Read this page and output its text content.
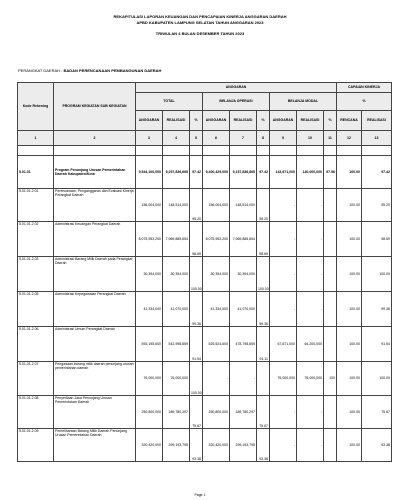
REKAPITULASI LAPORAN KEUANGAN DAN PENCAPAIAN KINERJA ANGGARAN DAERAH
APBD KABUPATEN LAMPUNG SELATAN TAHUN ANGGARAN 2023
TRIWULAN 4 BULAN DESEMBER TAHUN 2023
PERANGKAT DAERAH : BADAN PERENCANAAN PEMBANGUNAN DAERAH
Kode Rekening	PROGRAM KEGIATAN SUB KEGIATAN	ANGGARAN									CAPAIAN KINERJA	
		TOTAL			BELANJA OPERASI			BELANJA MODAL			%	
		ANGGARAN	REALISASI	%	ANGGARAN	REALISASI	%	ANGGARAN	REALISASI	%	RENCANA	REALISASI
1	2	3	4	5	6	7	8	9	10	11	12	13

5.01.01	Program Penunjang Urusan Pemerintahan Daerah Kabupaten/Kota	9.544,100,000	9,297,836,665	97.42	9,400,429,000	9,157,836,665	97.42	143,671,000	140,000,000	97.56	100.00	97.42
5.01.01.2.01	Perencanaan, Penganggaran dan Evaluasi Kinerja Perangkat Daerah	156,004,000	148,514,000	95.20	156,004,000	148,514,000	95.20	-	-		100.00	95.20
5.01.01.2.02	Administrasi Keuangan Perangkat Daerah	8,075,953,200	7,969,885,654	98.69	8,075,953,200	7,969,885,654	98.69	-	-		100.00	98.69
5.01.01.2.03	Administrasi Barang Milik Daerah pada Perangkat Daerah	30,394,000	30,394,000	100.00	30,394,000	30,394,000	100.00	-	-		100.00	100.00
5.01.01.2.05	Administrasi Kepegawaian Perangkat Daerah	41,334,000	41,070,000	99.36	41,334,000	41,070,000	99.36	-	-		100.00	99.36
5.01.01.2.06	Administrasi Umum Perangkat Daerah	593,195,600	542,998,859	91.54	525,524,600	478,798,859	91.11	67,671,000	64,200,000		100.00	91.54
5.01.01.2.07	Pengadaan barang milik daerah penunjang urusan pemerintahan daerah	76,000,000	76,000,000	100.00	-	-		76,000,000	76,000,000	100	100.00	100.00
5.01.01.2.08	Penyediaan Jasa Penunjang Urusan Pemerintahan Daerah	250,800,000	189,780,297	75.67	250,800,000	189,780,297	75.67	-	-		100.00	75.67
5.01.01.2.09	Pemeliharaan Barang Milik Daerah Penunjang Urusan Pemerintahan Daerah	320,420,000	299,193,795	93.38	320,420,000	299,193,795	93.38	-	-		100.00	93.38
Page 1
